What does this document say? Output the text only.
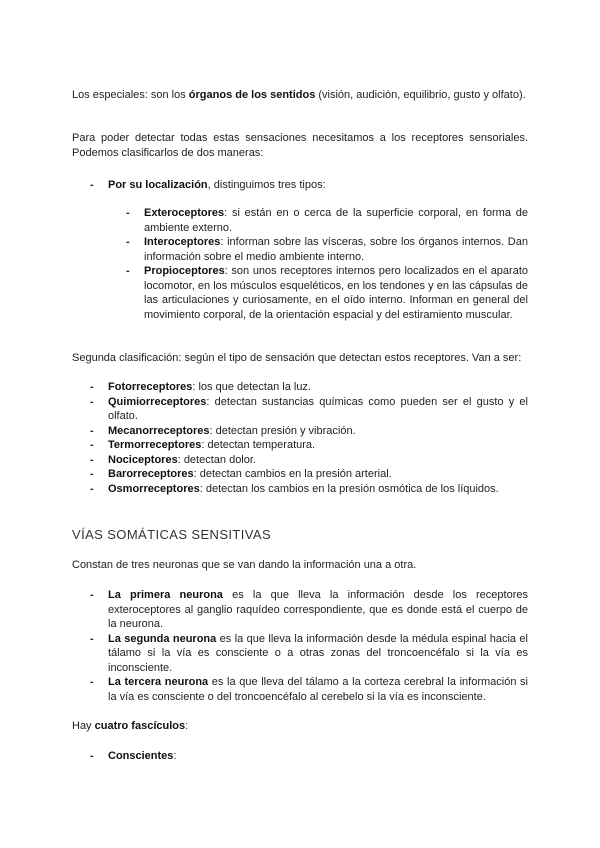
Los especiales: son los órganos de los sentidos (visión, audición, equilibrio, gusto y olfato).

Para poder detectar todas estas sensaciones necesitamos a los receptores sensoriales. Podemos clasificarlos de dos maneras:

- Por su localización, distinguimos tres tipos:
- Exteroceptores: si están en o cerca de la superficie corporal, en forma de ambiente externo.
- Interoceptores: informan sobre las vísceras, sobre los órganos internos. Dan información sobre el medio ambiente interno.
- Propioceptores: son unos receptores internos pero localizados en el aparato locomotor, en los músculos esqueléticos, en los tendones y en las cápsulas de las articulaciones y curiosamente, en el oído interno. Informan en general del movimiento corporal, de la orientación espacial y del estiramiento muscular.

Segunda clasificación: según el tipo de sensación que detectan estos receptores. Van a ser:

- Fotorreceptores: los que detectan la luz.
- Quimiorreceptores: detectan sustancias químicas como pueden ser el gusto y el olfato.
- Mecanorreceptores: detectan presión y vibración.
- Termorreceptores: detectan temperatura.
- Nociceptores: detectan dolor.
- Barorreceptores: detectan cambios en la presión arterial.
- Osmorreceptores: detectan los cambios en la presión osmótica de los líquidos.

VÍAS SOMÁTICAS SENSITIVAS

Constan de tres neuronas que se van dando la información una a otra.

- La primera neurona es la que lleva la información desde los receptores exteroceptores al ganglio raquídeo correspondiente, que es donde está el cuerpo de la neurona.
- La segunda neurona es la que lleva la información desde la médula espinal hacia el tálamo si la vía es consciente o a otras zonas del troncoencéfalo si la vía es inconsciente.
- La tercera neurona es la que lleva del tálamo a la corteza cerebral la información si la vía es consciente o del troncoencéfalo al cerebelo si la vía es inconsciente.

Hay cuatro fascículos:

- Conscientes:
